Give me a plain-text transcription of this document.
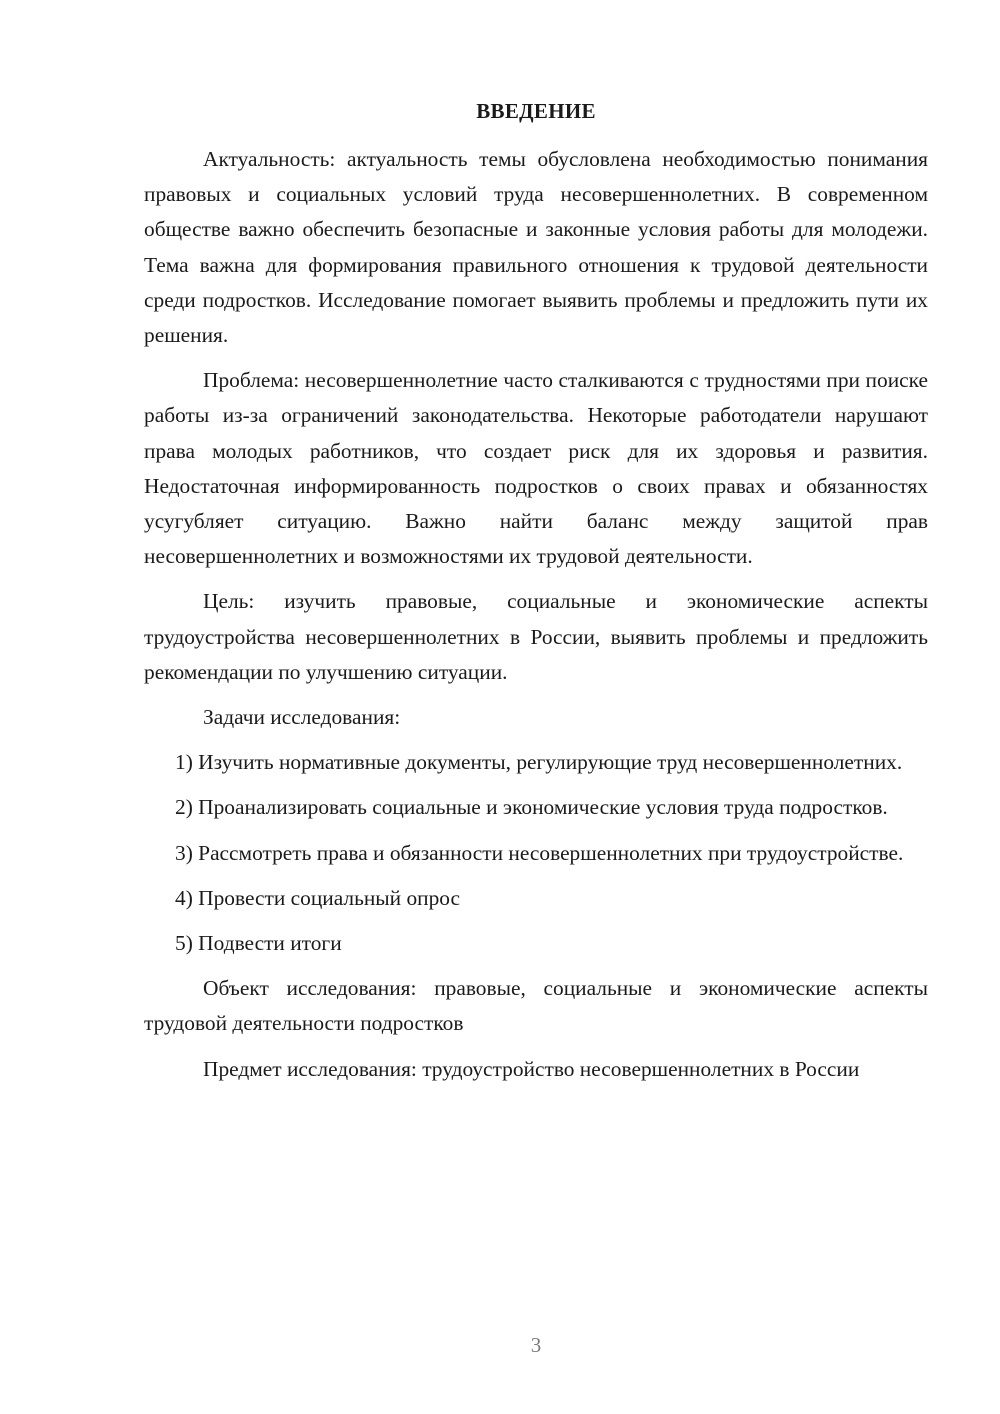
ВВЕДЕНИЕ

Актуальность: актуальность темы обусловлена необходимостью понимания правовых и социальных условий труда несовершеннолетних. В современном обществе важно обеспечить безопасные и законные условия работы для молодежи. Тема важна для формирования правильного отношения к трудовой деятельности среди подростков. Исследование помогает выявить проблемы и предложить пути их решения.

Проблема: несовершеннолетние часто сталкиваются с трудностями при поиске работы из-за ограничений законодательства. Некоторые работодатели нарушают права молодых работников, что создает риск для их здоровья и развития. Недостаточная информированность подростков о своих правах и обязанностях усугубляет ситуацию. Важно найти баланс между защитой прав несовершеннолетних и возможностями их трудовой деятельности.

Цель: изучить правовые, социальные и экономические аспекты трудоустройства несовершеннолетних в России, выявить проблемы и предложить рекомендации по улучшению ситуации.

Задачи исследования:

1) Изучить нормативные документы, регулирующие труд несовершеннолетних.

2) Проанализировать социальные и экономические условия труда подростков.

3) Рассмотреть права и обязанности несовершеннолетних при трудоустройстве.

4) Провести социальный опрос

5) Подвести итоги

Объект исследования: правовые, социальные и экономические аспекты трудовой деятельности подростков

Предмет исследования: трудоустройство несовершеннолетних в России

3
